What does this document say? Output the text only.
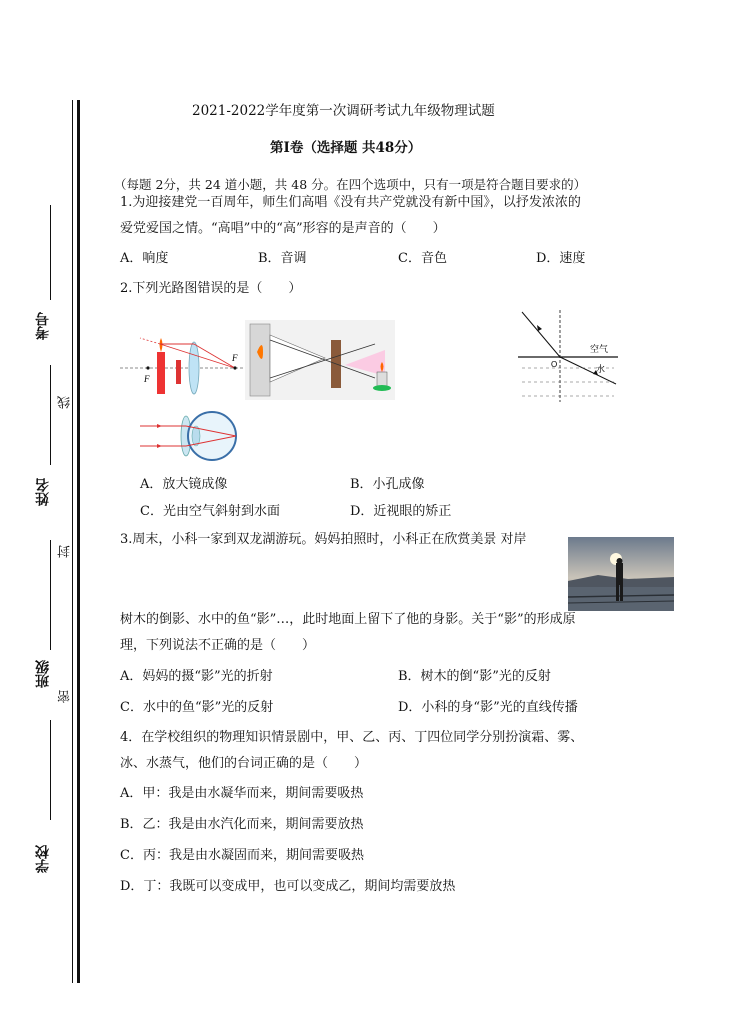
考号
姓名
班级
学校
线
封
密
2021-2022学年度第一次调研考试九年级物理试题
第Ⅰ卷（选择题 共48分）
（每题 2分，共 24 道小题，共 48 分。在四个选项中，只有一项是符合题目要求的）
1.为迎接建党一百周年，师生们高唱《没有共产党就没有新中国》，以抒发浓浓的
爱党爱国之情。“高唱”中的“高”形容的是声音的（　　）
A．响度	B．音调	C．音色	D．速度
2.下列光路图错误的是（　　）
F
F
空气
水
O
A．放大镜成像	B．小孔成像
C．光由空气斜射到水面	D．近视眼的矫正
3.周末，小科一家到双龙湖游玩。妈妈拍照时，小科正在欣赏美景 对岸
树木的倒影、水中的鱼“影”…，此时地面上留下了他的身影。关于“影”的形成原
理，下列说法不正确的是（　　）
A．妈妈的摄“影”光的折射	B．树木的倒“影”光的反射
C．水中的鱼“影”光的反射	D．小科的身“影”光的直线传播
4．在学校组织的物理知识情景剧中，甲、乙、丙、丁四位同学分别扮演霜、雾、
冰、水蒸气，他们的台词正确的是（　　）
A．甲：我是由水凝华而来，期间需要吸热
B．乙：我是由水汽化而来，期间需要放热
C．丙：我是由水凝固而来，期间需要吸热
D．丁：我既可以变成甲，也可以变成乙，期间均需要放热
